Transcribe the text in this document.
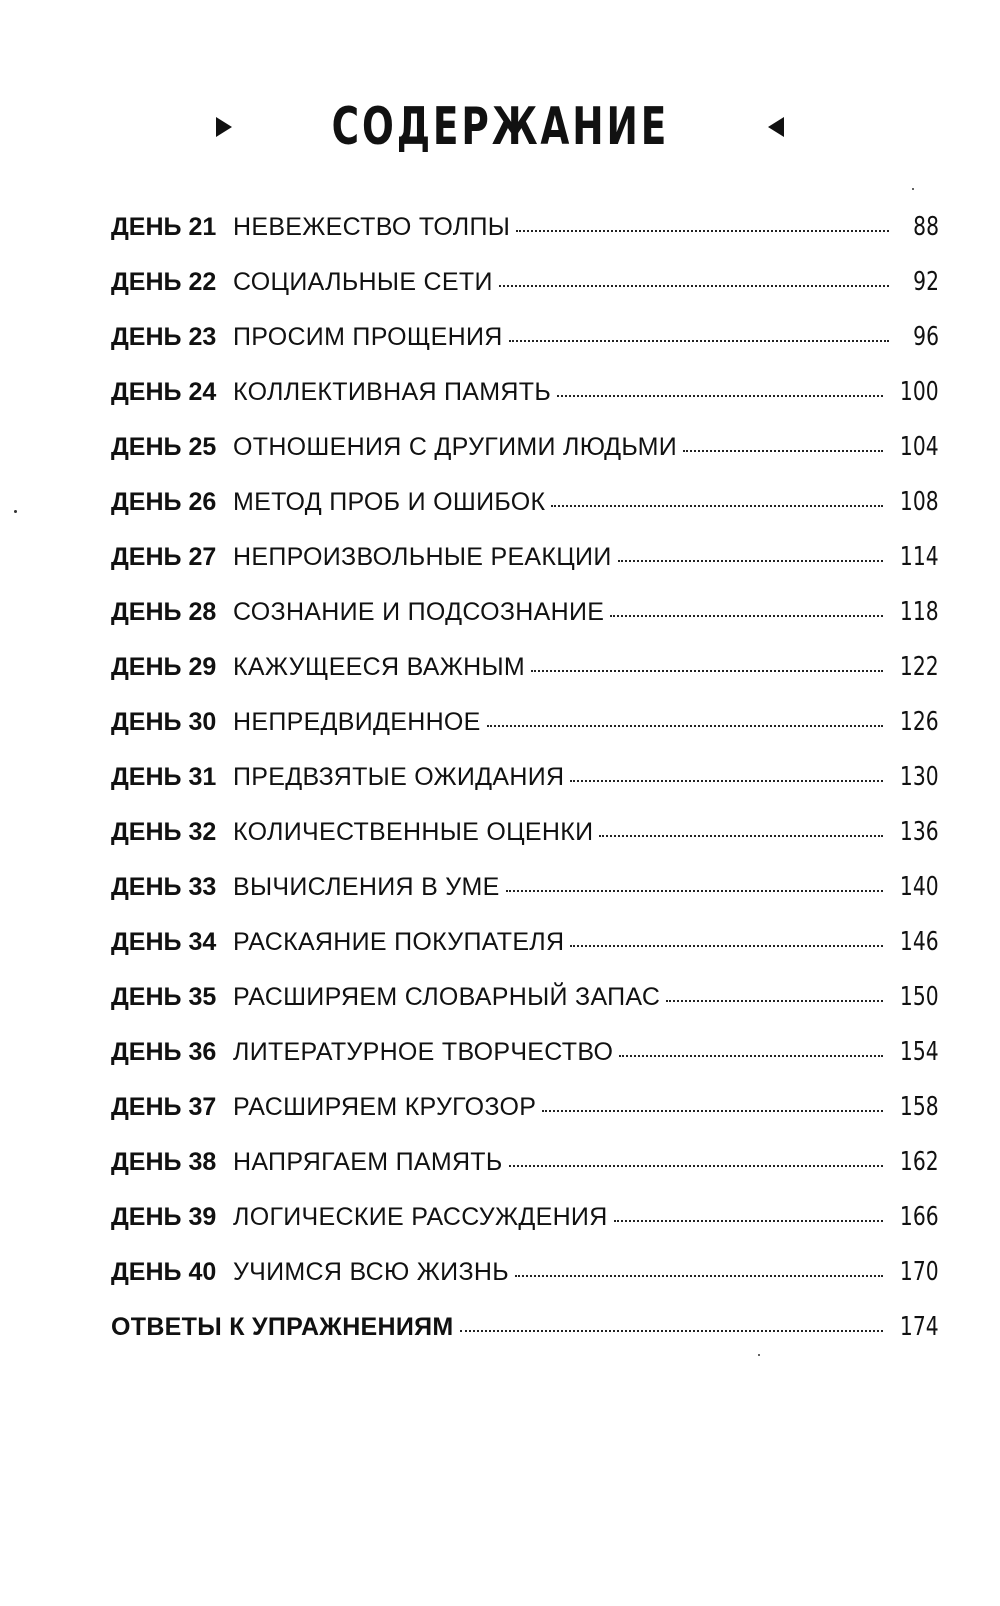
СОДЕРЖАНИЕ
ДЕНЬ 21 НЕВЕЖЕСТВО ТОЛПЫ	88
ДЕНЬ 22 СОЦИАЛЬНЫЕ СЕТИ	92
ДЕНЬ 23 ПРОСИМ ПРОЩЕНИЯ	96
ДЕНЬ 24 КОЛЛЕКТИВНАЯ ПАМЯТЬ	100
ДЕНЬ 25 ОТНОШЕНИЯ С ДРУГИМИ ЛЮДЬМИ	104
ДЕНЬ 26 МЕТОД ПРОБ И ОШИБОК	108
ДЕНЬ 27 НЕПРОИЗВОЛЬНЫЕ РЕАКЦИИ	114
ДЕНЬ 28 СОЗНАНИЕ И ПОДСОЗНАНИЕ	118
ДЕНЬ 29 КАЖУЩЕЕСЯ ВАЖНЫМ	122
ДЕНЬ 30 НЕПРЕДВИДЕННОЕ	126
ДЕНЬ 31 ПРЕДВЗЯТЫЕ ОЖИДАНИЯ	130
ДЕНЬ 32 КОЛИЧЕСТВЕННЫЕ ОЦЕНКИ	136
ДЕНЬ 33 ВЫЧИСЛЕНИЯ В УМЕ	140
ДЕНЬ 34 РАСКАЯНИЕ ПОКУПАТЕЛЯ	146
ДЕНЬ 35 РАСШИРЯЕМ СЛОВАРНЫЙ ЗАПАС	150
ДЕНЬ 36 ЛИТЕРАТУРНОЕ ТВОРЧЕСТВО	154
ДЕНЬ 37 РАСШИРЯЕМ КРУГОЗОР	158
ДЕНЬ 38 НАПРЯГАЕМ ПАМЯТЬ	162
ДЕНЬ 39 ЛОГИЧЕСКИЕ РАССУЖДЕНИЯ	166
ДЕНЬ 40 УЧИМСЯ ВСЮ ЖИЗНЬ	170
ОТВЕТЫ К УПРАЖНЕНИЯМ	174
